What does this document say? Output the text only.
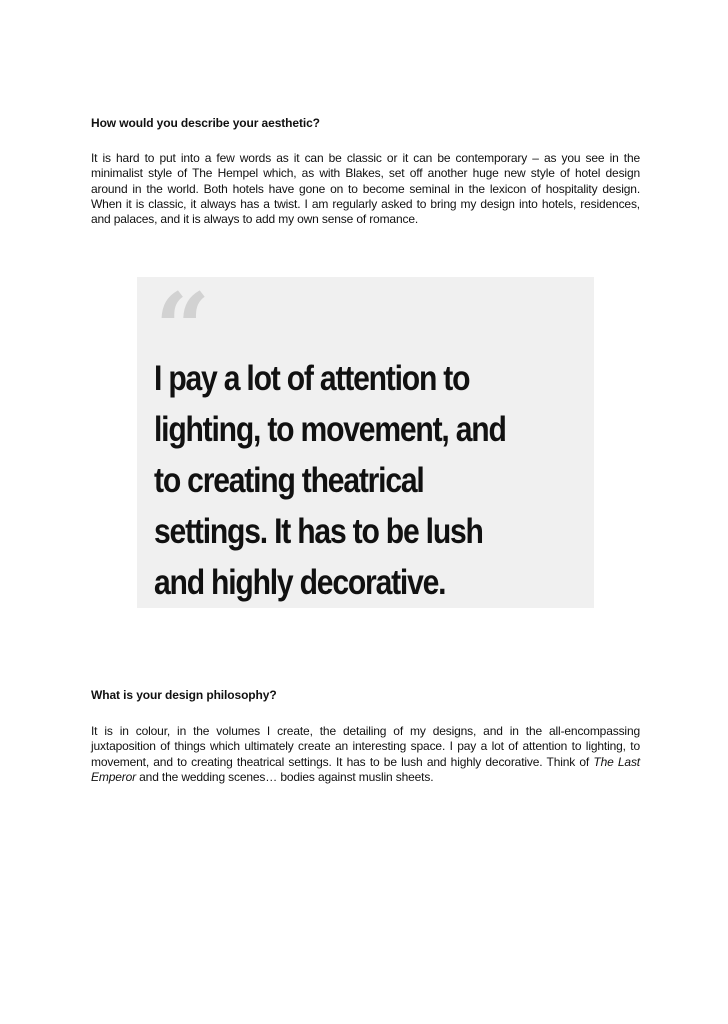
How would you describe your aesthetic?
It is hard to put into a few words as it can be classic or it can be contemporary – as you see in the minimalist style of The Hempel which, as with Blakes, set off another huge new style of hotel design around in the world. Both hotels have gone on to become seminal in the lexicon of hospitality design. When it is classic, it always has a twist. I am regularly asked to bring my design into hotels, residences, and palaces, and it is always to add my own sense of romance.
“
I pay a lot of attention to
lighting, to movement, and
to creating theatrical
settings. It has to be lush
and highly decorative.
What is your design philosophy?
It is in colour, in the volumes I create, the detailing of my designs, and in the all-encompassing juxtaposition of things which ultimately create an interesting space. I pay a lot of attention to lighting, to movement, and to creating theatrical settings. It has to be lush and highly decorative. Think of The Last Emperor and the wedding scenes… bodies against muslin sheets.
